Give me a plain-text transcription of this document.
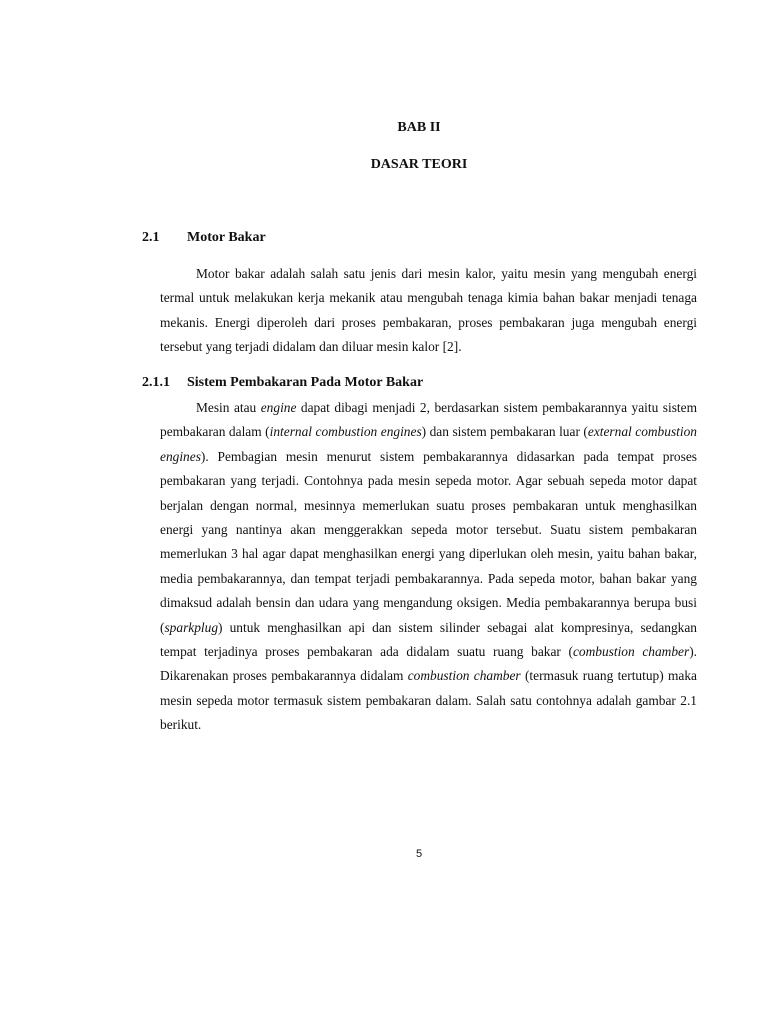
BAB II
DASAR TEORI
2.1 Motor Bakar

Motor bakar adalah salah satu jenis dari mesin kalor, yaitu mesin yang mengubah energi termal untuk melakukan kerja mekanik atau mengubah tenaga kimia bahan bakar menjadi tenaga mekanis. Energi diperoleh dari proses pembakaran, proses pembakaran juga mengubah energi tersebut yang terjadi didalam dan diluar mesin kalor [2].

2.1.1 Sistem Pembakaran Pada Motor Bakar

Mesin atau engine dapat dibagi menjadi 2, berdasarkan sistem pembakarannya yaitu sistem pembakaran dalam (internal combustion engines) dan sistem pembakaran luar (external combustion engines). Pembagian mesin menurut sistem pembakarannya didasarkan pada tempat proses pembakaran yang terjadi. Contohnya pada mesin sepeda motor. Agar sebuah sepeda motor dapat berjalan dengan normal, mesinnya memerlukan suatu proses pembakaran untuk menghasilkan energi yang nantinya akan menggerakkan sepeda motor tersebut. Suatu sistem pembakaran memerlukan 3 hal agar dapat menghasilkan energi yang diperlukan oleh mesin, yaitu bahan bakar, media pembakarannya, dan tempat terjadi pembakarannya. Pada sepeda motor, bahan bakar yang dimaksud adalah bensin dan udara yang mengandung oksigen. Media pembakarannya berupa busi (sparkplug) untuk menghasilkan api dan sistem silinder sebagai alat kompresinya, sedangkan tempat terjadinya proses pembakaran ada didalam suatu ruang bakar (combustion chamber). Dikarenakan proses pembakarannya didalam combustion chamber (termasuk ruang tertutup) maka mesin sepeda motor termasuk sistem pembakaran dalam. Salah satu contohnya adalah gambar 2.1 berikut.

5
